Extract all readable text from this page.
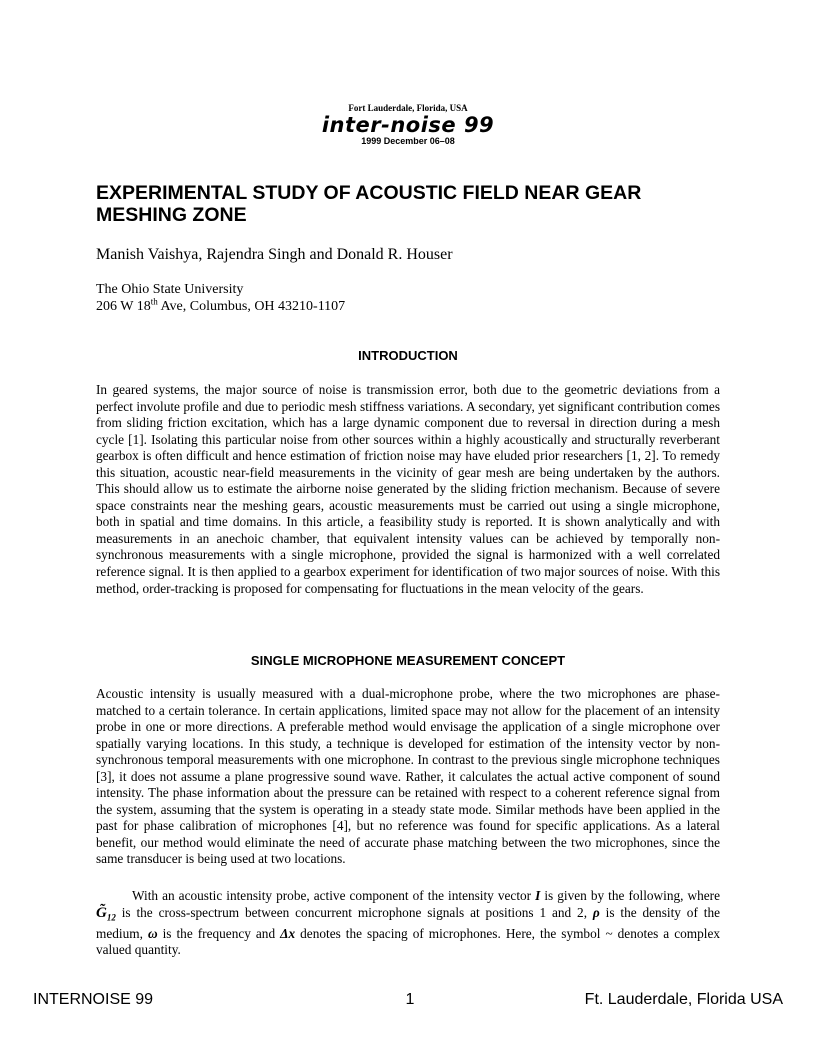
Fort Lauderdale, Florida, USA
inter-noise 99
1999 December 06–08
EXPERIMENTAL STUDY OF ACOUSTIC FIELD NEAR GEAR MESHING ZONE
Manish Vaishya, Rajendra Singh and Donald R. Houser
The Ohio State University
206 W 18th Ave, Columbus, OH 43210-1107
INTRODUCTION

In geared systems, the major source of noise is transmission error, both due to the geometric deviations from a perfect involute profile and due to periodic mesh stiffness variations. A secondary, yet significant contribution comes from sliding friction excitation, which has a large dynamic component due to reversal in direction during a mesh cycle [1]. Isolating this particular noise from other sources within a highly acoustically and structurally reverberant gearbox is often difficult and hence estimation of friction noise may have eluded prior researchers [1, 2]. To remedy this situation, acoustic near-field measurements in the vicinity of gear mesh are being undertaken by the authors. This should allow us to estimate the airborne noise generated by the sliding friction mechanism. Because of severe space constraints near the meshing gears, acoustic measurements must be carried out using a single microphone, both in spatial and time domains. In this article, a feasibility study is reported. It is shown analytically and with measurements in an anechoic chamber, that equivalent intensity values can be achieved by temporally non-synchronous measurements with a single microphone, provided the signal is harmonized with a well correlated reference signal. It is then applied to a gearbox experiment for identification of two major sources of noise. With this method, order-tracking is proposed for compensating for fluctuations in the mean velocity of the gears.

SINGLE MICROPHONE MEASUREMENT CONCEPT

Acoustic intensity is usually measured with a dual-microphone probe, where the two microphones are phase-matched to a certain tolerance. In certain applications, limited space may not allow for the placement of an intensity probe in one or more directions. A preferable method would envisage the application of a single microphone over spatially varying locations. In this study, a technique is developed for estimation of the intensity vector by non-synchronous temporal measurements with one microphone. In contrast to the previous single microphone techniques [3], it does not assume a plane progressive sound wave. Rather, it calculates the actual active component of sound intensity. The phase information about the pressure can be retained with respect to a coherent reference signal from the system, assuming that the system is operating in a steady state mode. Similar methods have been applied in the past for phase calibration of microphones [4], but no reference was found for specific applications. As a lateral benefit, our method would eliminate the need of accurate phase matching between the two microphones, since the same transducer is being used at two locations.

With an acoustic intensity probe, active component of the intensity vector I is given by the following, where $G̃_{12}$ is the cross-spectrum between concurrent microphone signals at positions 1 and 2, ρ is the density of the medium, ω is the frequency and Δx denotes the spacing of microphones. Here, the symbol ~ denotes a complex valued quantity.

INTERNOISE 99	1	Ft. Lauderdale, Florida USA
